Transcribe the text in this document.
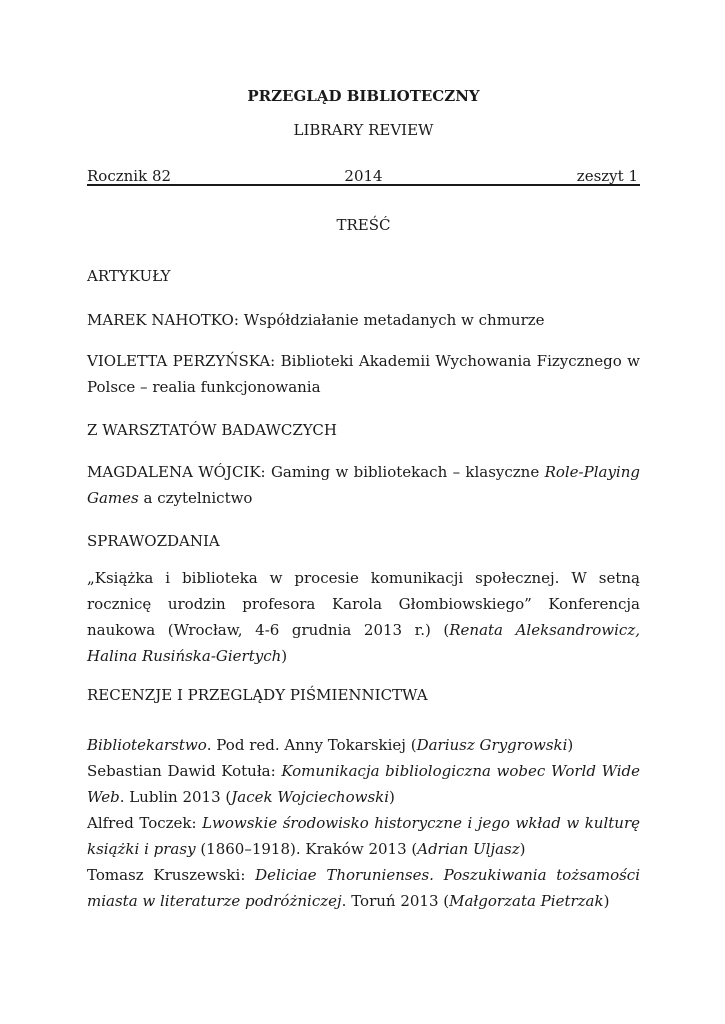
PRZEGLĄD BIBLIOTECZNY
LIBRARY REVIEW
Rocznik 82	2014	zeszyt 1
TREŚĆ
ARTYKUŁY
MAREK NAHOTKO: Współdziałanie metadanych w chmurze
VIOLETTA PERZYŃSKA: Biblioteki Akademii Wychowania Fizycznego w Polsce – realia funkcjonowania
Z WARSZTATÓW BADAWCZYCH
MAGDALENA WÓJCIK: Gaming w bibliotekach – klasyczne Role-Playing Games a czytelnictwo
SPRAWOZDANIA
„Książka i biblioteka w procesie komunikacji społecznej. W setną rocznicę urodzin profesora Karola Głombiowskiego” Konferencja naukowa (Wrocław, 4-6 grudnia 2013 r.) (Renata Aleksandrowicz, Halina Rusińska-Giertych)
RECENZJE I PRZEGLĄDY PIŚMIENNICTWA

Bibliotekarstwo. Pod red. Anny Tokarskiej (Dariusz Grygrowski)

Sebastian Dawid Kotuła: Komunikacja bibliologiczna wobec World Wide Web. Lublin 2013 (Jacek Wojciechowski)

Alfred Toczek: Lwowskie środowisko historyczne i jego wkład w kulturę książki i prasy (1860–1918). Kraków 2013 (Adrian Uljasz)

Tomasz Kruszewski: Deliciae Thorunienses. Poszukiwania tożsamości miasta w literaturze podróżniczej. Toruń 2013 (Małgorzata Pietrzak)
